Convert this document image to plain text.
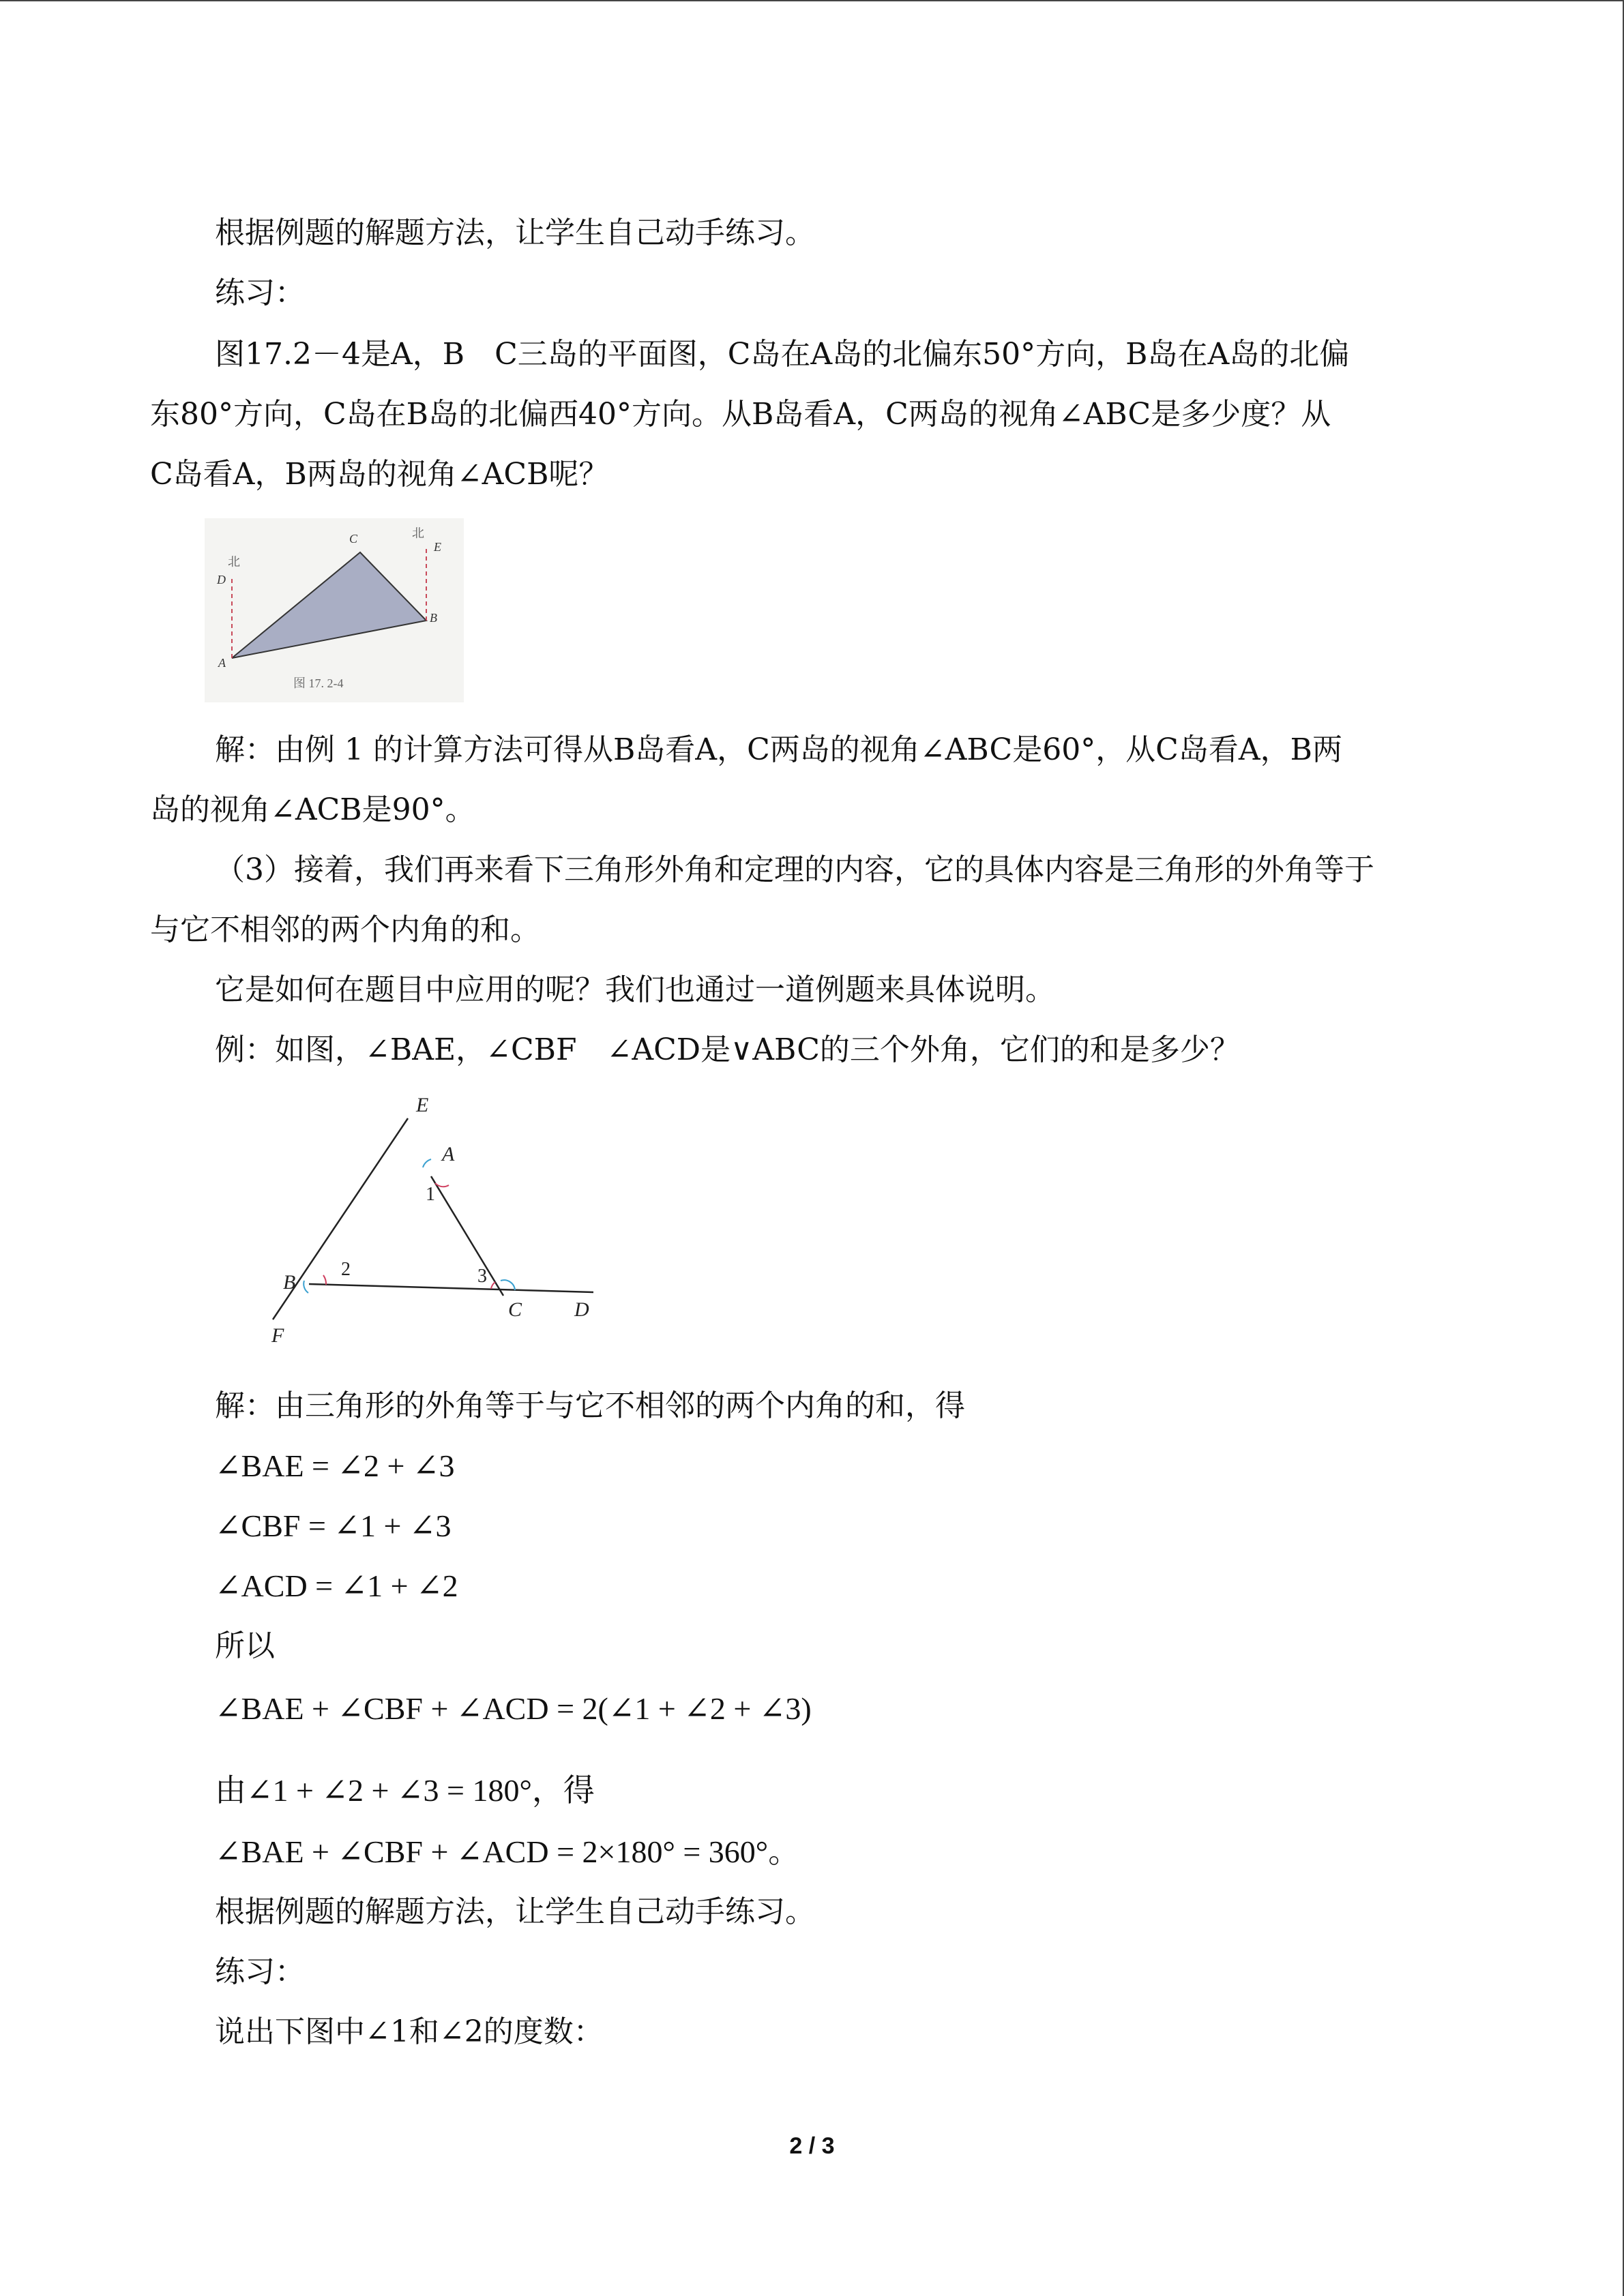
根据例题的解题方法，让学生自己动手练习。
练习：
图17.2－4是A，B　C三岛的平面图，C岛在A岛的北偏东50°方向，B岛在A岛的北偏
东80°方向，C岛在B岛的北偏西40°方向。从B岛看A，C两岛的视角∠ABC是多少度？从
C岛看A，B两岛的视角∠ACB呢？
北
北
D
E
A
C
B
图 17. 2-4
解：由例 1 的计算方法可得从B岛看A，C两岛的视角∠ABC是60°，从C岛看A，B两
岛的视角∠ACB是90°。
（3）接着，我们再来看下三角形外角和定理的内容，它的具体内容是三角形的外角等于
与它不相邻的两个内角的和。
它是如何在题目中应用的呢？我们也通过一道例题来具体说明。
例：如图，∠BAE，∠CBF　∠ACD是∨ABC的三个外角，它们的和是多少？
E
A
1
B
2	3
C	D
F
解：由三角形的外角等于与它不相邻的两个内角的和，得
∠BAE = ∠2 + ∠3
∠CBF = ∠1 + ∠3
∠ACD = ∠1 + ∠2
所以
∠BAE + ∠CBF + ∠ACD = 2(∠1 + ∠2 + ∠3)
由∠1 + ∠2 + ∠3 = 180°，得
∠BAE + ∠CBF + ∠ACD = 2×180° = 360°。
根据例题的解题方法，让学生自己动手练习。
练习：
说出下图中∠1和∠2的度数：
2 / 3
